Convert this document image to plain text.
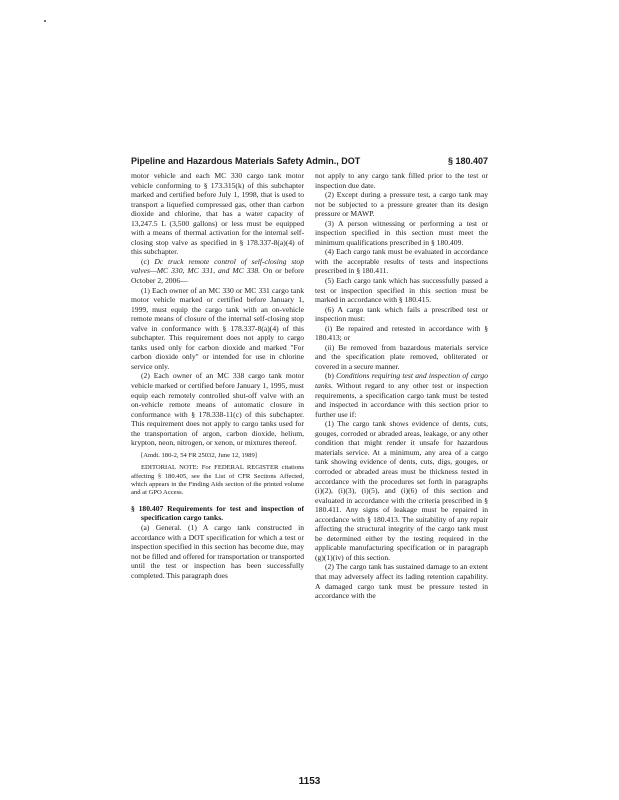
Pipeline and Hazardous Materials Safety Admin., DOT	§ 180.407

motor vehicle and each MC 330 cargo tank motor vehicle conforming to § 173.315(k) of this subchapter marked and certified before July 1, 1998, that is used to transport a liquefied compressed gas, other than carbon dioxide and chlorine, that has a water capacity of 13,247.5 L (3,500 gallons) or less must be equipped with a means of thermal activation for the internal self-closing stop valve as specified in § 178.337-8(a)(4) of this subchapter.

(c) Dc truck remote control of self-closing stop valves—MC 330, MC 331, and MC 338. On or before October 2, 2006—

(1) Each owner of an MC 330 or MC 331 cargo tank motor vehicle marked or certified before January 1, 1999, must equip the cargo tank with an on-vehicle remote means of closure of the internal self-closing stop valve in conformance with § 178.337-8(a)(4) of this subchapter. This requirement does not apply to cargo tanks used only for carbon dioxide and marked "For carbon dioxide only" or intended for use in chlorine service only.

(2) Each owner of an MC 338 cargo tank motor vehicle marked or certified before January 1, 1995, must equip each remotely controlled shut-off valve with an on-vehicle remote means of automatic closure in conformance with § 178.338-11(c) of this subchapter. This requirement does not apply to cargo tanks used for the transportation of argon, carbon dioxide, helium, krypton, neon, nitrogen, or xenon, or mixtures thereof.

[Amdt. 180-2, 54 FR 25032, June 12, 1989]

EDITORIAL NOTE: For FEDERAL REGISTER citations affecting § 180.405, see the List of CFR Sections Affected, which appears in the Finding Aids section of the printed volume and at GPO Access.

§ 180.407 Requirements for test and inspection of specification cargo tanks.

(a) General. (1) A cargo tank constructed in accordance with a DOT specification for which a test or inspection specified in this section has become due, may not be filled and offered for transportation or transported until the test or inspection has been successfully completed. This paragraph does

not apply to any cargo tank filled prior to the test or inspection due date.

(2) Except during a pressure test, a cargo tank may not be subjected to a pressure greater than its design pressure or MAWP.

(3) A person witnessing or performing a test or inspection specified in this section must meet the minimum qualifications prescribed in § 180.409.

(4) Each cargo tank must be evaluated in accordance with the acceptable results of tests and inspections prescribed in § 180.411.

(5) Each cargo tank which has successfully passed a test or inspection specified in this section must be marked in accordance with § 180.415.

(6) A cargo tank which fails a prescribed test or inspection must:

(i) Be repaired and retested in accordance with § 180.413; or

(ii) Be removed from hazardous materials service and the specification plate removed, obliterated or covered in a secure manner.

(b) Conditions requiring test and inspection of cargo tanks. Without regard to any other test or inspection requirements, a specification cargo tank must be tested and inspected in accordance with this section prior to further use if:

(1) The cargo tank shows evidence of dents, cuts, gouges, corroded or abraded areas, leakage, or any other condition that might render it unsafe for hazardous materials service. At a minimum, any area of a cargo tank showing evidence of dents, cuts, digs, gouges, or corroded or abraded areas must be thickness tested in accordance with the procedures set forth in paragraphs (i)(2), (i)(3), (i)(5), and (i)(6) of this section and evaluated in accordance with the criteria prescribed in § 180.411. Any signs of leakage must be repaired in accordance with § 180.413. The suitability of any repair affecting the structural integrity of the cargo tank must be determined either by the testing required in the applicable manufacturing specification or in paragraph (g)(1)(iv) of this section.

(2) The cargo tank has sustained damage to an extent that may adversely affect its lading retention capability. A damaged cargo tank must be pressure tested in accordance with the

1153
